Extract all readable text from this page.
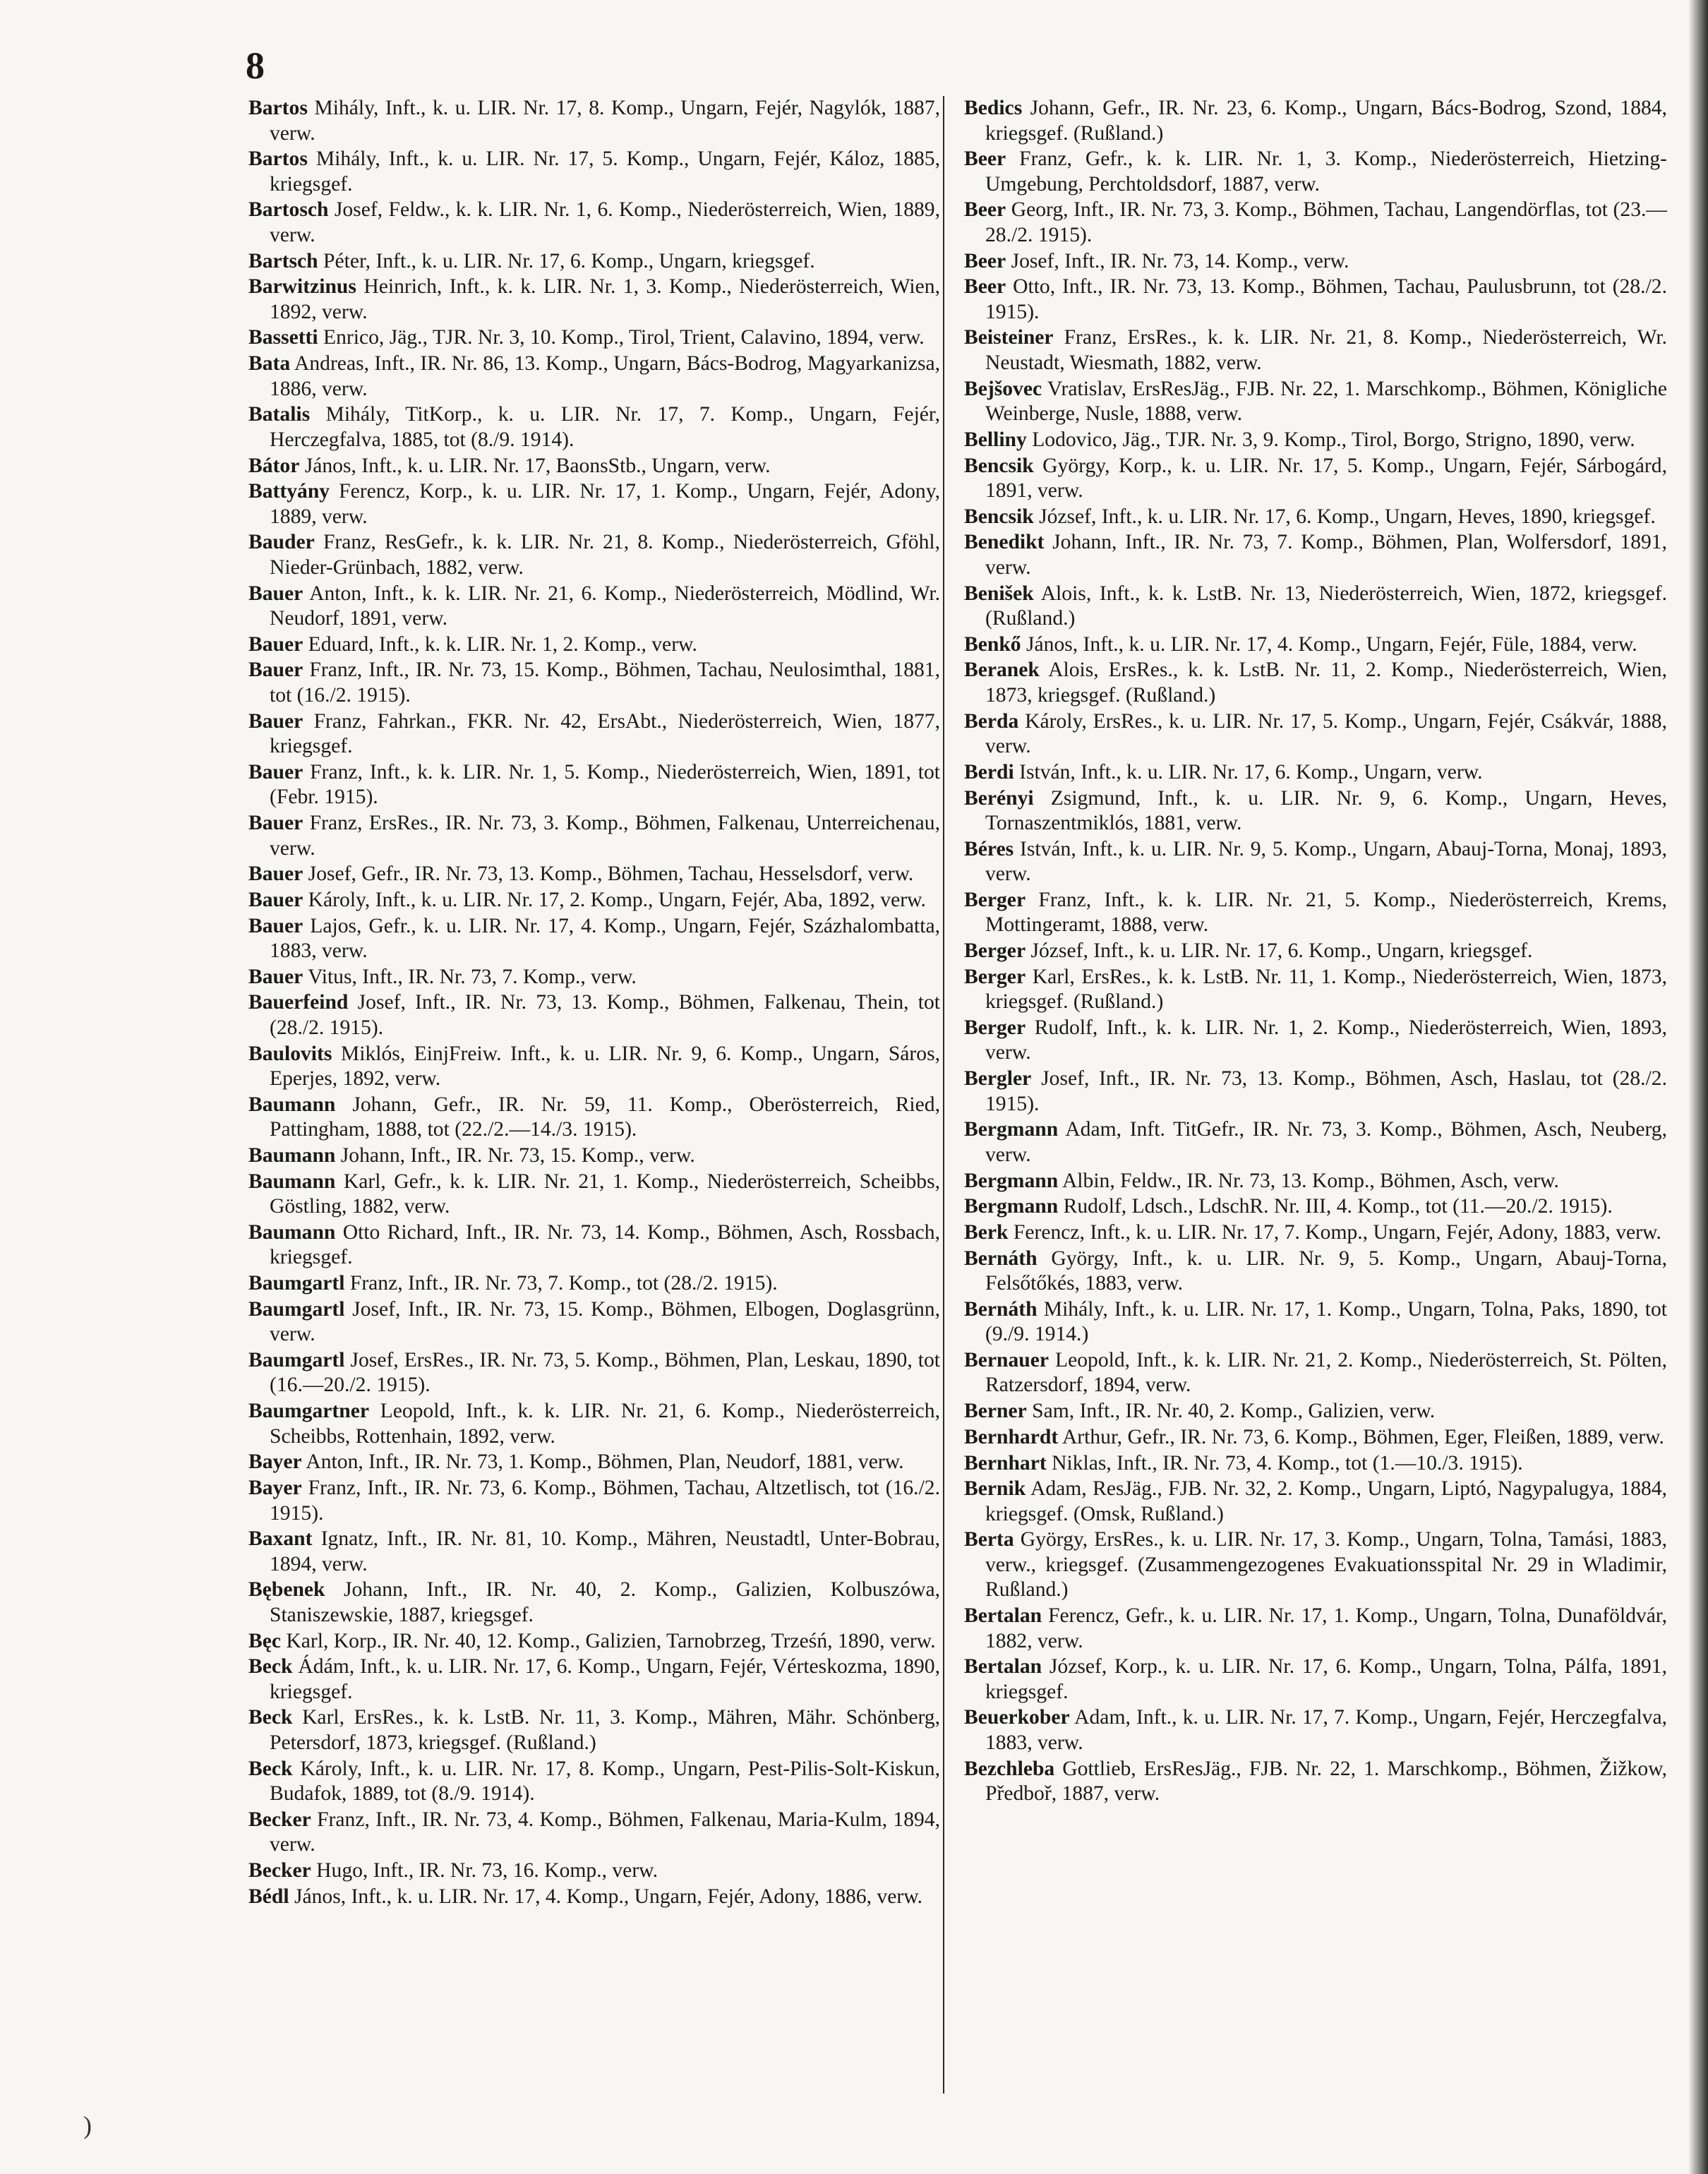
8

Bartos Mihály, Inft., k. u. LIR. Nr. 17, 8. Komp., Ungarn, Fejér, Nagylók, 1887, verw.

Bartos Mihály, Inft., k. u. LIR. Nr. 17, 5. Komp., Ungarn, Fejér, Káloz, 1885, kriegsgef.

Bartosch Josef, Feldw., k. k. LIR. Nr. 1, 6. Komp., Niederösterreich, Wien, 1889, verw.

Bartsch Péter, Inft., k. u. LIR. Nr. 17, 6. Komp., Ungarn, kriegsgef.

Barwitzinus Heinrich, Inft., k. k. LIR. Nr. 1, 3. Komp., Niederösterreich, Wien, 1892, verw.

Bassetti Enrico, Jäg., TJR. Nr. 3, 10. Komp., Tirol, Trient, Calavino, 1894, verw.

Bata Andreas, Inft., IR. Nr. 86, 13. Komp., Ungarn, Bács-Bodrog, Magyarkanizsa, 1886, verw.

Batalis Mihály, TitKorp., k. u. LIR. Nr. 17, 7. Komp., Ungarn, Fejér, Herczegfalva, 1885, tot (8./9. 1914).

Bátor János, Inft., k. u. LIR. Nr. 17, BaonsStb., Ungarn, verw.

Battyány Ferencz, Korp., k. u. LIR. Nr. 17, 1. Komp., Ungarn, Fejér, Adony, 1889, verw.

Bauder Franz, ResGefr., k. k. LIR. Nr. 21, 8. Komp., Niederösterreich, Gföhl, Nieder-Grünbach, 1882, verw.

Bauer Anton, Inft., k. k. LIR. Nr. 21, 6. Komp., Niederösterreich, Mödlind, Wr. Neudorf, 1891, verw.

Bauer Eduard, Inft., k. k. LIR. Nr. 1, 2. Komp., verw.

Bauer Franz, Inft., IR. Nr. 73, 15. Komp., Böhmen, Tachau, Neulosimthal, 1881, tot (16./2. 1915).

Bauer Franz, Fahrkan., FKR. Nr. 42, ErsAbt., Niederösterreich, Wien, 1877, kriegsgef.

Bauer Franz, Inft., k. k. LIR. Nr. 1, 5. Komp., Niederösterreich, Wien, 1891, tot (Febr. 1915).

Bauer Franz, ErsRes., IR. Nr. 73, 3. Komp., Böhmen, Falkenau, Unterreichenau, verw.

Bauer Josef, Gefr., IR. Nr. 73, 13. Komp., Böhmen, Tachau, Hesselsdorf, verw.

Bauer Károly, Inft., k. u. LIR. Nr. 17, 2. Komp., Ungarn, Fejér, Aba, 1892, verw.

Bauer Lajos, Gefr., k. u. LIR. Nr. 17, 4. Komp., Ungarn, Fejér, Százhalombatta, 1883, verw.

Bauer Vitus, Inft., IR. Nr. 73, 7. Komp., verw.

Bauerfeind Josef, Inft., IR. Nr. 73, 13. Komp., Böhmen, Falkenau, Thein, tot (28./2. 1915).

Baulovits Miklós, EinjFreiw. Inft., k. u. LIR. Nr. 9, 6. Komp., Ungarn, Sáros, Eperjes, 1892, verw.

Baumann Johann, Gefr., IR. Nr. 59, 11. Komp., Oberösterreich, Ried, Pattingham, 1888, tot (22./2.—14./3. 1915).

Baumann Johann, Inft., IR. Nr. 73, 15. Komp., verw.

Baumann Karl, Gefr., k. k. LIR. Nr. 21, 1. Komp., Niederösterreich, Scheibbs, Göstling, 1882, verw.

Baumann Otto Richard, Inft., IR. Nr. 73, 14. Komp., Böhmen, Asch, Rossbach, kriegsgef.

Baumgartl Franz, Inft., IR. Nr. 73, 7. Komp., tot (28./2. 1915).

Baumgartl Josef, Inft., IR. Nr. 73, 15. Komp., Böhmen, Elbogen, Doglasgrünn, verw.

Baumgartl Josef, ErsRes., IR. Nr. 73, 5. Komp., Böhmen, Plan, Leskau, 1890, tot (16.—20./2. 1915).

Baumgartner Leopold, Inft., k. k. LIR. Nr. 21, 6. Komp., Niederösterreich, Scheibbs, Rottenhain, 1892, verw.

Bayer Anton, Inft., IR. Nr. 73, 1. Komp., Böhmen, Plan, Neudorf, 1881, verw.

Bayer Franz, Inft., IR. Nr. 73, 6. Komp., Böhmen, Tachau, Altzetlisch, tot (16./2. 1915).

Baxant Ignatz, Inft., IR. Nr. 81, 10. Komp., Mähren, Neustadtl, Unter-Bobrau, 1894, verw.

Bębenek Johann, Inft., IR. Nr. 40, 2. Komp., Galizien, Kolbuszówa, Staniszewskie, 1887, kriegsgef.

Bęc Karl, Korp., IR. Nr. 40, 12. Komp., Galizien, Tarnobrzeg, Trześń, 1890, verw.

Beck Ádám, Inft., k. u. LIR. Nr. 17, 6. Komp., Ungarn, Fejér, Vérteskozma, 1890, kriegsgef.

Beck Karl, ErsRes., k. k. LstB. Nr. 11, 3. Komp., Mähren, Mähr. Schönberg, Petersdorf, 1873, kriegsgef. (Rußland.)

Beck Károly, Inft., k. u. LIR. Nr. 17, 8. Komp., Ungarn, Pest-Pilis-Solt-Kiskun, Budafok, 1889, tot (8./9. 1914).

Becker Franz, Inft., IR. Nr. 73, 4. Komp., Böhmen, Falkenau, Maria-Kulm, 1894, verw.

Becker Hugo, Inft., IR. Nr. 73, 16. Komp., verw.

Bédl János, Inft., k. u. LIR. Nr. 17, 4. Komp., Ungarn, Fejér, Adony, 1886, verw.

Bedics Johann, Gefr., IR. Nr. 23, 6. Komp., Ungarn, Bács-Bodrog, Szond, 1884, kriegsgef. (Rußland.)

Beer Franz, Gefr., k. k. LIR. Nr. 1, 3. Komp., Niederösterreich, Hietzing-Umgebung, Perchtoldsdorf, 1887, verw.

Beer Georg, Inft., IR. Nr. 73, 3. Komp., Böhmen, Tachau, Langendörflas, tot (23.—28./2. 1915).

Beer Josef, Inft., IR. Nr. 73, 14. Komp., verw.

Beer Otto, Inft., IR. Nr. 73, 13. Komp., Böhmen, Tachau, Paulusbrunn, tot (28./2. 1915).

Beisteiner Franz, ErsRes., k. k. LIR. Nr. 21, 8. Komp., Niederösterreich, Wr. Neustadt, Wiesmath, 1882, verw.

Bejšovec Vratislav, ErsResJäg., FJB. Nr. 22, 1. Marschkomp., Böhmen, Königliche Weinberge, Nusle, 1888, verw.

Belliny Lodovico, Jäg., TJR. Nr. 3, 9. Komp., Tirol, Borgo, Strigno, 1890, verw.

Bencsik György, Korp., k. u. LIR. Nr. 17, 5. Komp., Ungarn, Fejér, Sárbogárd, 1891, verw.

Bencsik József, Inft., k. u. LIR. Nr. 17, 6. Komp., Ungarn, Heves, 1890, kriegsgef.

Benedikt Johann, Inft., IR. Nr. 73, 7. Komp., Böhmen, Plan, Wolfersdorf, 1891, verw.

Benišek Alois, Inft., k. k. LstB. Nr. 13, Niederösterreich, Wien, 1872, kriegsgef. (Rußland.)

Benkő János, Inft., k. u. LIR. Nr. 17, 4. Komp., Ungarn, Fejér, Füle, 1884, verw.

Beranek Alois, ErsRes., k. k. LstB. Nr. 11, 2. Komp., Niederösterreich, Wien, 1873, kriegsgef. (Rußland.)

Berda Károly, ErsRes., k. u. LIR. Nr. 17, 5. Komp., Ungarn, Fejér, Csákvár, 1888, verw.

Berdi István, Inft., k. u. LIR. Nr. 17, 6. Komp., Ungarn, verw.

Berényi Zsigmund, Inft., k. u. LIR. Nr. 9, 6. Komp., Ungarn, Heves, Tornaszentmiklós, 1881, verw.

Béres István, Inft., k. u. LIR. Nr. 9, 5. Komp., Ungarn, Abauj-Torna, Monaj, 1893, verw.

Berger Franz, Inft., k. k. LIR. Nr. 21, 5. Komp., Niederösterreich, Krems, Mottingeramt, 1888, verw.

Berger József, Inft., k. u. LIR. Nr. 17, 6. Komp., Ungarn, kriegsgef.

Berger Karl, ErsRes., k. k. LstB. Nr. 11, 1. Komp., Niederösterreich, Wien, 1873, kriegsgef. (Rußland.)

Berger Rudolf, Inft., k. k. LIR. Nr. 1, 2. Komp., Niederösterreich, Wien, 1893, verw.

Bergler Josef, Inft., IR. Nr. 73, 13. Komp., Böhmen, Asch, Haslau, tot (28./2. 1915).

Bergmann Adam, Inft. TitGefr., IR. Nr. 73, 3. Komp., Böhmen, Asch, Neuberg, verw.

Bergmann Albin, Feldw., IR. Nr. 73, 13. Komp., Böhmen, Asch, verw.

Bergmann Rudolf, Ldsch., LdschR. Nr. III, 4. Komp., tot (11.—20./2. 1915).

Berk Ferencz, Inft., k. u. LIR. Nr. 17, 7. Komp., Ungarn, Fejér, Adony, 1883, verw.

Bernáth György, Inft., k. u. LIR. Nr. 9, 5. Komp., Ungarn, Abauj-Torna, Felsőtőkés, 1883, verw.

Bernáth Mihály, Inft., k. u. LIR. Nr. 17, 1. Komp., Ungarn, Tolna, Paks, 1890, tot (9./9. 1914.)

Bernauer Leopold, Inft., k. k. LIR. Nr. 21, 2. Komp., Niederösterreich, St. Pölten, Ratzersdorf, 1894, verw.

Berner Sam, Inft., IR. Nr. 40, 2. Komp., Galizien, verw.

Bernhardt Arthur, Gefr., IR. Nr. 73, 6. Komp., Böhmen, Eger, Fleißen, 1889, verw.

Bernhart Niklas, Inft., IR. Nr. 73, 4. Komp., tot (1.—10./3. 1915).

Bernik Adam, ResJäg., FJB. Nr. 32, 2. Komp., Ungarn, Liptó, Nagypalugya, 1884, kriegsgef. (Omsk, Rußland.)

Berta György, ErsRes., k. u. LIR. Nr. 17, 3. Komp., Ungarn, Tolna, Tamási, 1883, verw., kriegsgef. (Zusammengezogenes Evakuationsspital Nr. 29 in Wladimir, Rußland.)

Bertalan Ferencz, Gefr., k. u. LIR. Nr. 17, 1. Komp., Ungarn, Tolna, Dunaföldvár, 1882, verw.

Bertalan József, Korp., k. u. LIR. Nr. 17, 6. Komp., Ungarn, Tolna, Pálfa, 1891, kriegsgef.

Beuerkober Adam, Inft., k. u. LIR. Nr. 17, 7. Komp., Ungarn, Fejér, Herczegfalva, 1883, verw.

Bezchleba Gottlieb, ErsResJäg., FJB. Nr. 22, 1. Marschkomp., Böhmen, Žižkow, Předboř, 1887, verw.

)
